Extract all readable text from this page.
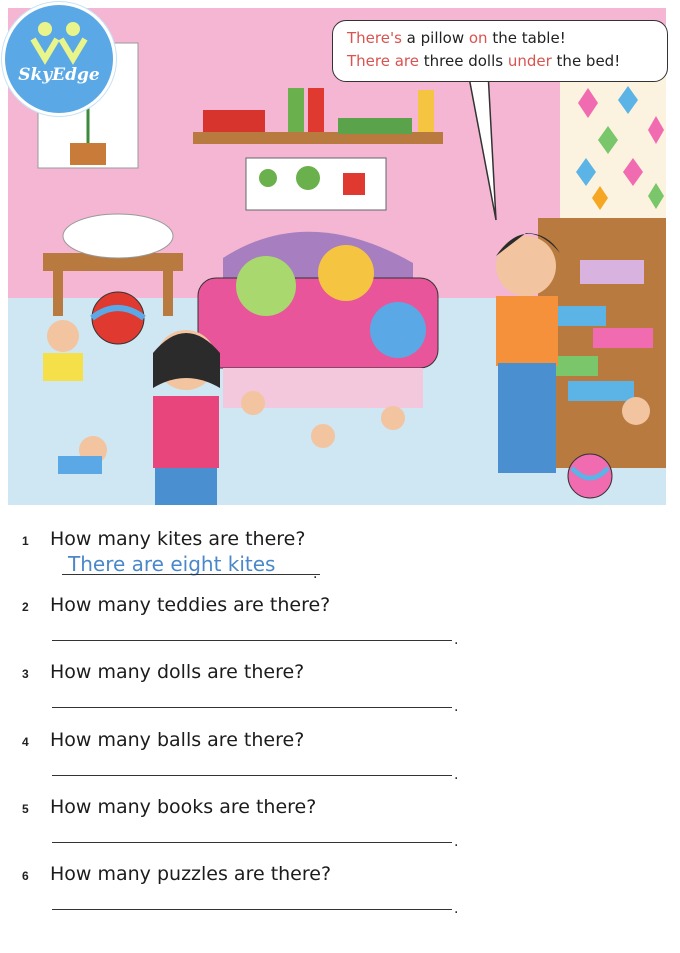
There's a pillow on the table!
There are three dolls under the bed!
SkyEdge
1 How many kites are there?
There are eight kites	.
2 How many teddies are there?
.
3 How many dolls are there?
.
4 How many balls are there?
.
5 How many books are there?
.
6 How many puzzles are there?
.
